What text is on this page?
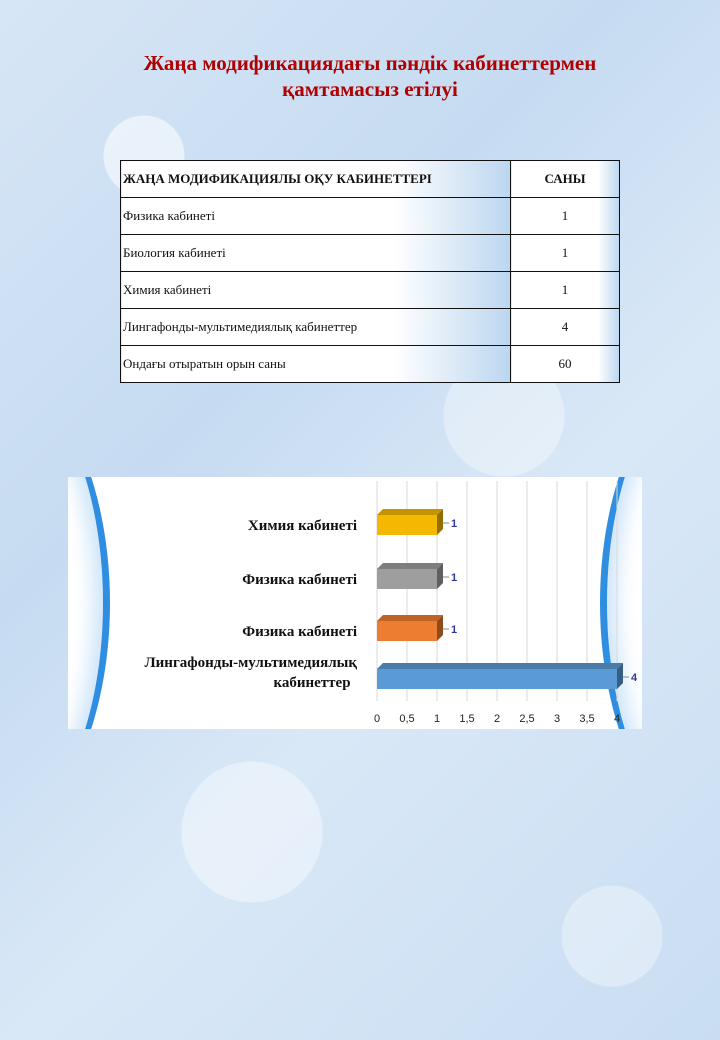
Жаңа модификациядағы пәндік кабинеттермен
қамтамасыз етілуі
ЖАҢА МОДИФИКАЦИЯЛЫ ОҚУ КАБИНЕТТЕРІ	САНЫ
Физика кабинеті	1
Биология кабинеті	1
Химия кабинеті	1
Лингафонды-мультимедиялық кабинеттер	4
Ондағы отыратын орын саны	60
0 0,5 1 1,5 2 2,5 3 3,5 4
1
1
1
4
Химия кабинеті
Физика кабинеті
Физика кабинеті
Лингафонды-мультимедиялық
кабинеттер
